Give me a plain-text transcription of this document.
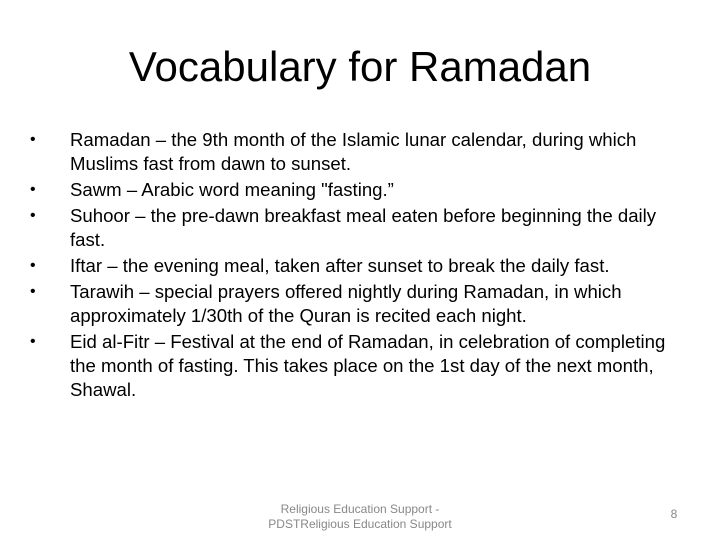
Vocabulary for Ramadan
•	Ramadan – the 9th month of the Islamic lunar calendar, during which Muslims fast from dawn to sunset.
•	Sawm – Arabic word meaning "fasting.”
•	Suhoor – the pre-dawn breakfast meal eaten before beginning the daily fast.
•	Iftar – the evening meal, taken after sunset to break the daily fast.
•	Tarawih – special prayers offered nightly during Ramadan, in which approximately 1/30th of the Quran is recited each night.
•	Eid al-Fitr – Festival at the end of Ramadan, in celebration of completing the month of fasting. This takes place on the 1st day of the next month, Shawal.
Religious Education Support - PDSTReligious Education Support
8
